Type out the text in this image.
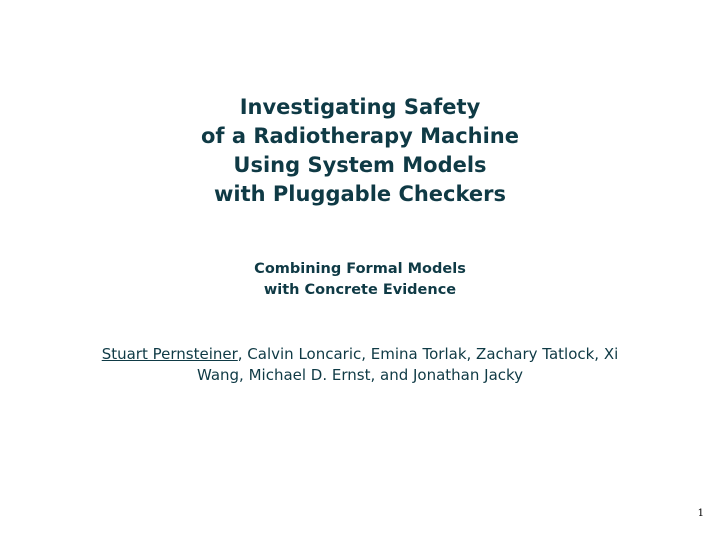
Investigating Safety
of a Radiotherapy Machine
Using System Models
with Pluggable Checkers
Combining Formal Models
with Concrete Evidence
Stuart Pernsteiner, Calvin Loncaric, Emina Torlak, Zachary Tatlock, Xi Wang, Michael D. Ernst, and Jonathan Jacky
1
